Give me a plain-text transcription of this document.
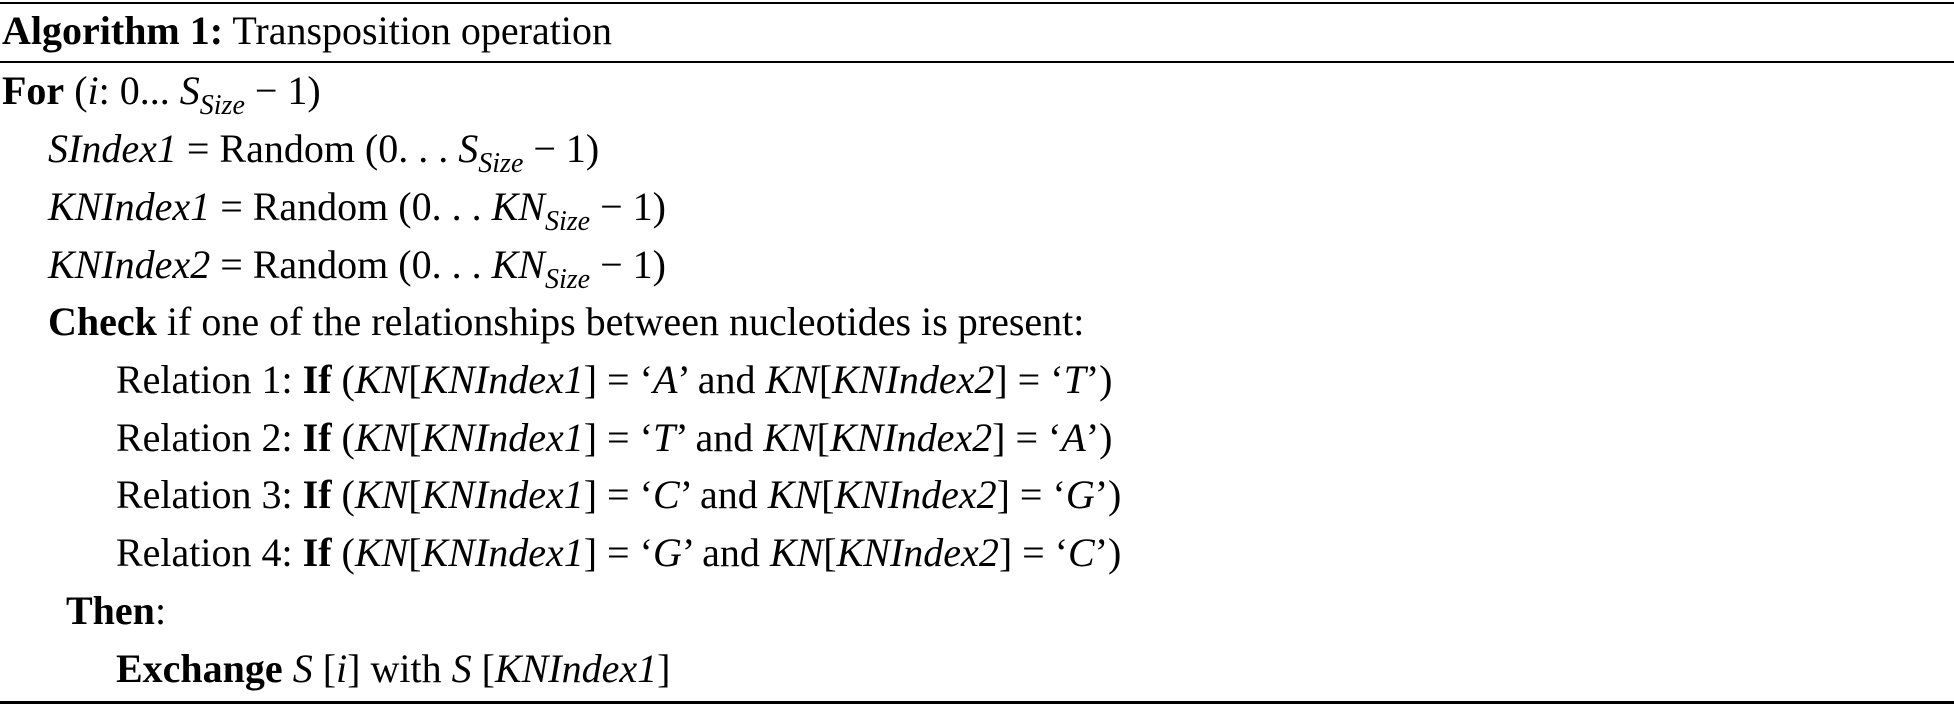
Algorithm 1: Transposition operation
For (i: 0... $S_{Size} - 1$)
SIndex1 = Random (0. . . $S_{Size} - 1$)
KNIndex1 = Random (0. . . $KN_{Size} - 1$)
KNIndex2 = Random (0. . . $KN_{Size} - 1$)
Check if one of the relationships between nucleotides is present:
Relation 1: If (KN[KNIndex1] = ‘A’ and KN[KNIndex2] = ‘T’)
Relation 2: If (KN[KNIndex1] = ‘T’ and KN[KNIndex2] = ‘A’)
Relation 3: If (KN[KNIndex1] = ‘C’ and KN[KNIndex2] = ‘G’)
Relation 4: If (KN[KNIndex1] = ‘G’ and KN[KNIndex2] = ‘C’)
Then:
Exchange S [i] with S [KNIndex1]
